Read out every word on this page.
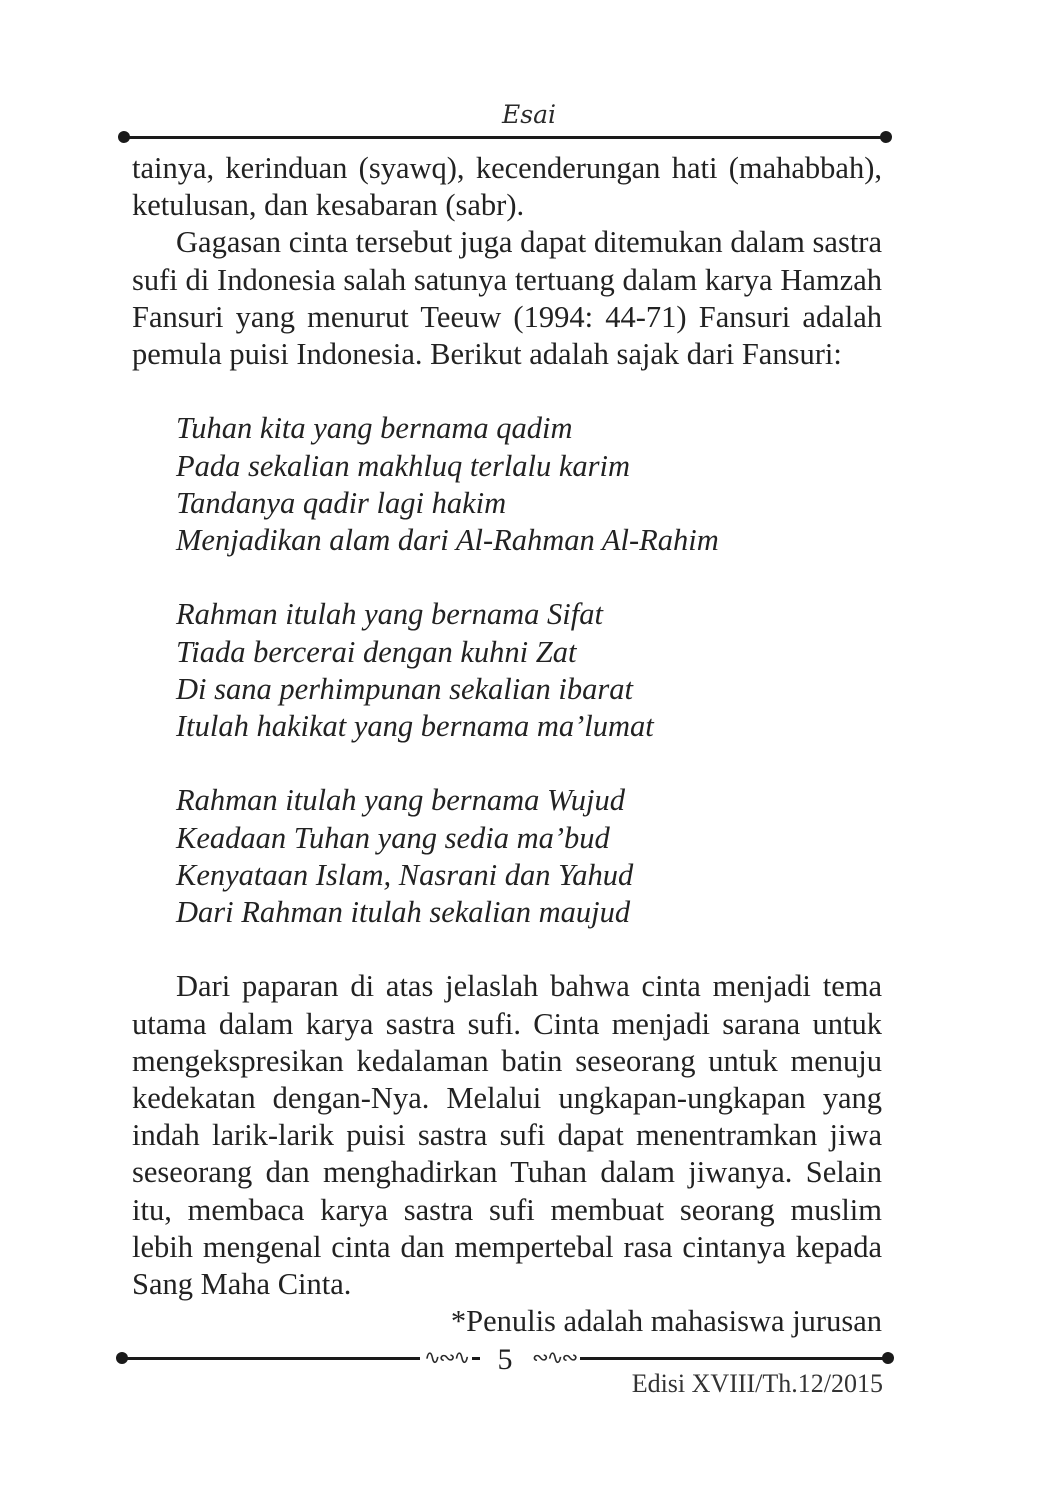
Esai

tainya, kerinduan (syawq), kecenderungan hati (mahabbah), ketulusan, dan kesabaran (sabr).

Gagasan cinta tersebut juga dapat ditemukan dalam sastra sufi di Indonesia salah satunya tertuang dalam karya Hamzah Fansuri yang menurut Teeuw (1994: 44-71) Fansuri adalah pemula puisi Indonesia. Berikut adalah sajak dari Fansuri:

Tuhan kita yang bernama qadim
Pada sekalian makhluq terlalu karim
Tandanya qadir lagi hakim
Menjadikan alam dari Al-Rahman Al-Rahim
Rahman itulah yang bernama Sifat
Tiada bercerai dengan kuhni Zat
Di sana perhimpunan sekalian ibarat
Itulah hakikat yang bernama ma’lumat
Rahman itulah yang bernama Wujud
Keadaan Tuhan yang sedia ma’bud
Kenyataan Islam, Nasrani dan Yahud
Dari Rahman itulah sekalian maujud

Dari paparan di atas jelaslah bahwa cinta menjadi tema utama dalam karya sastra sufi. Cinta menjadi sarana untuk mengekspresikan kedalaman batin seseorang untuk menuju kedekatan dengan-Nya. Melalui ungkapan-ungkapan yang indah larik-larik puisi sastra sufi dapat menentramkan jiwa seseorang dan menghadirkan Tuhan dalam jiwanya. Selain itu, membaca karya sastra sufi membuat seorang muslim lebih mengenal cinta dan mempertebal rasa cintanya kepada Sang Maha Cinta.

*Penulis adalah mahasiswa jurusan

∿∾∿ 5 ∾∿∾
Edisi XVIII/Th.12/2015
